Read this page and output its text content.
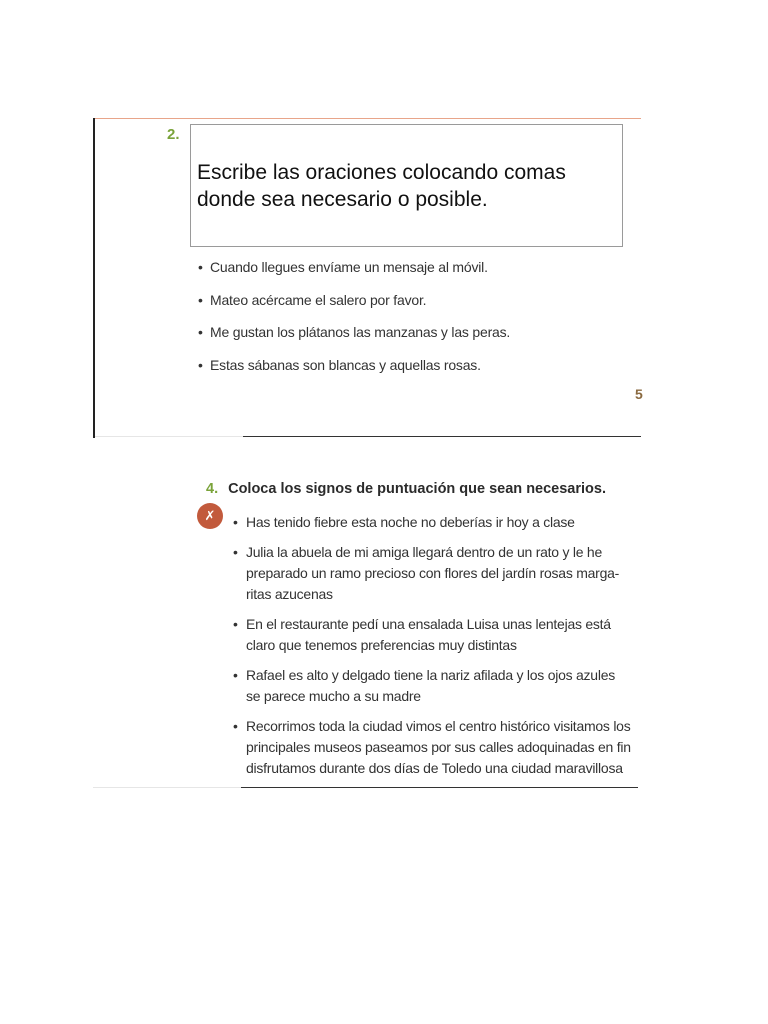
2.
Escribe las oraciones colocando comas donde sea necesario o posible.
• Cuando llegues envíame un mensaje al móvil.
• Mateo acércame el salero por favor.
• Me gustan los plátanos las manzanas y las peras.
• Estas sábanas son blancas y aquellas rosas.
5
4. Coloca los signos de puntuación que sean necesarios.
✗	• Has tenido fiebre esta noche no deberías ir hoy a clase
• Julia la abuela de mi amiga llegará dentro de un rato y le he
preparado un ramo precioso con flores del jardín rosas marga-
ritas azucenas
• En el restaurante pedí una ensalada Luisa unas lentejas está
claro que tenemos preferencias muy distintas
• Rafael es alto y delgado tiene la nariz afilada y los ojos azules
se parece mucho a su madre
• Recorrimos toda la ciudad vimos el centro histórico visitamos los
principales museos paseamos por sus calles adoquinadas en fin
disfrutamos durante dos días de Toledo una ciudad maravillosa
